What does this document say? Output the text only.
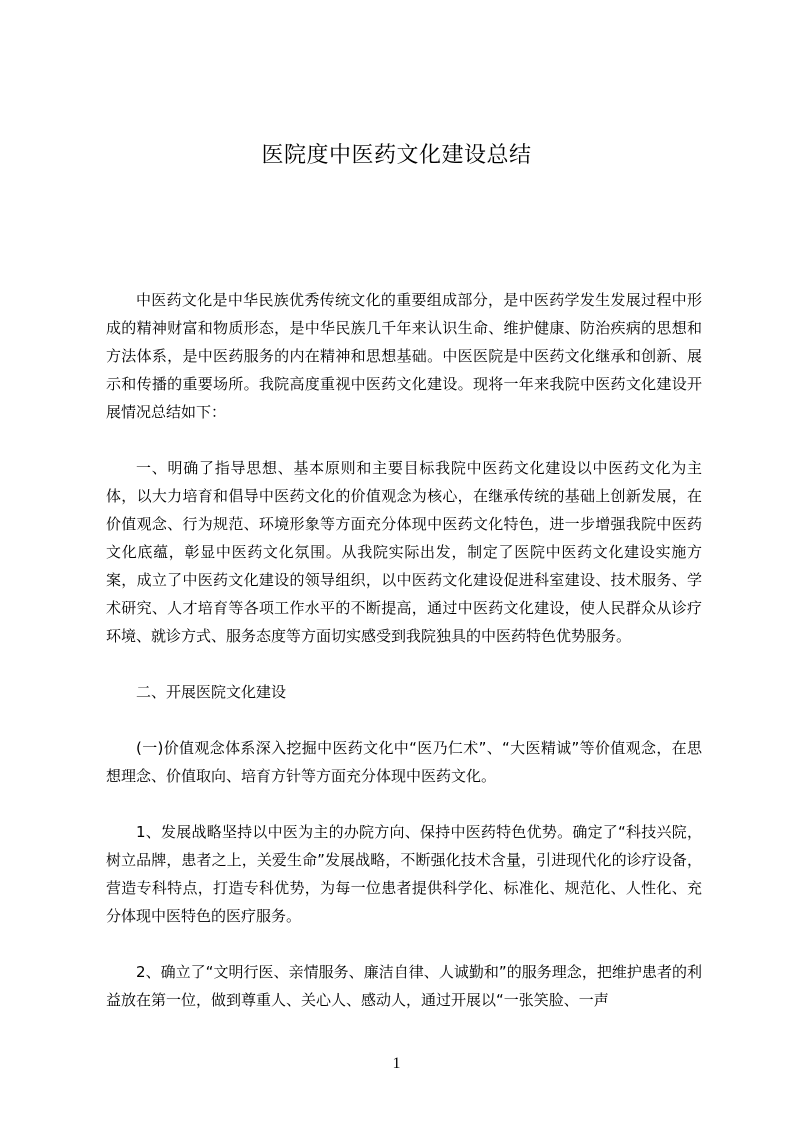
医院度中医药文化建设总结

中医药文化是中华民族优秀传统文化的重要组成部分，是中医药学发生发展过程中形成的精神财富和物质形态，是中华民族几千年来认识生命、维护健康、防治疾病的思想和方法体系，是中医药服务的内在精神和思想基础。中医医院是中医药文化继承和创新、展示和传播的重要场所。我院高度重视中医药文化建设。现将一年来我院中医药文化建设开展情况总结如下：

一、明确了指导思想、基本原则和主要目标我院中医药文化建设以中医药文化为主体，以大力培育和倡导中医药文化的价值观念为核心，在继承传统的基础上创新发展，在价值观念、行为规范、环境形象等方面充分体现中医药文化特色，进一步增强我院中医药文化底蕴，彰显中医药文化氛围。从我院实际出发，制定了医院中医药文化建设实施方案，成立了中医药文化建设的领导组织，以中医药文化建设促进科室建设、技术服务、学术研究、人才培育等各项工作水平的不断提高，通过中医药文化建设，使人民群众从诊疗环境、就诊方式、服务态度等方面切实感受到我院独具的中医药特色优势服务。

二、开展医院文化建设

(一)价值观念体系深入挖掘中医药文化中“医乃仁术”、“大医精诚”等价值观念，在思想理念、价值取向、培育方针等方面充分体现中医药文化。

1、发展战略坚持以中医为主的办院方向、保持中医药特色优势。确定了“科技兴院，树立品牌，患者之上，关爱生命”发展战略，不断强化技术含量，引进现代化的诊疗设备，营造专科特点，打造专科优势，为每一位患者提供科学化、标准化、规范化、人性化、充分体现中医特色的医疗服务。

2、确立了“文明行医、亲情服务、廉洁自律、人诚勤和”的服务理念，把维护患者的利益放在第一位，做到尊重人、关心人、感动人，通过开展以“一张笑脸、一声

1
